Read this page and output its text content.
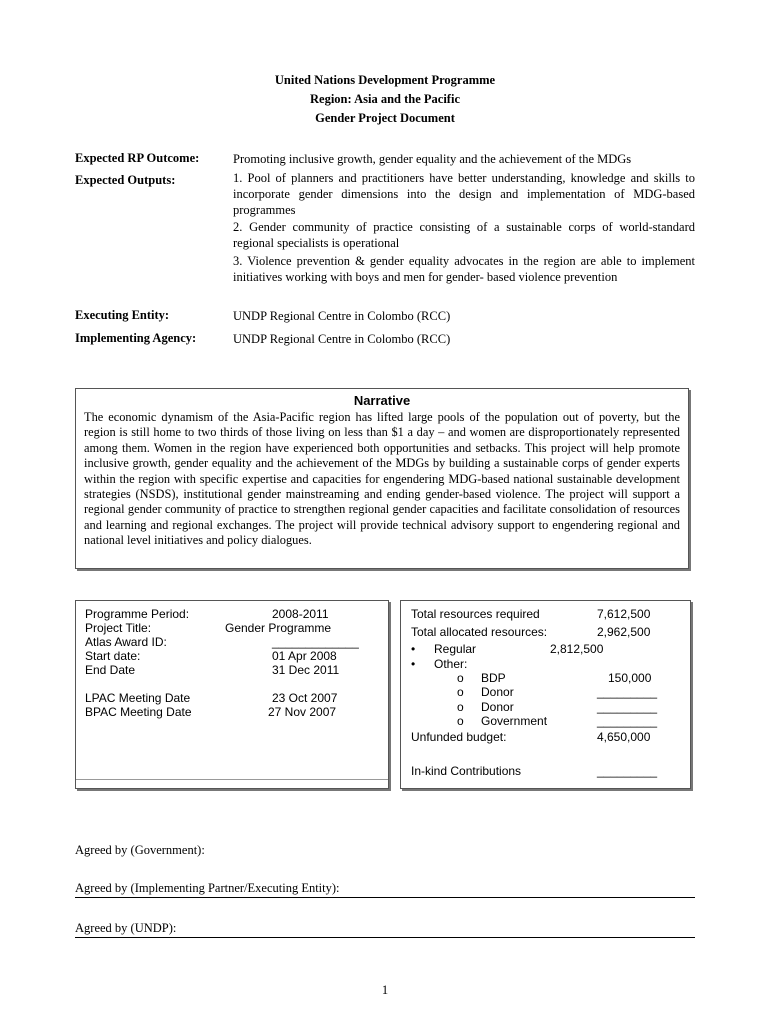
United Nations Development Programme
Region: Asia and the Pacific
Gender Project Document
Expected RP Outcome:	Promoting inclusive growth, gender equality and the achievement of the MDGs
Expected Outputs:	1. Pool of planners and practitioners have better understanding, knowledge and skills to incorporate gender dimensions into the design and implementation of MDG-based programmes
2. Gender community of practice consisting of a sustainable corps of world-standard regional specialists is operational
3. Violence prevention & gender equality advocates in the region are able to implement initiatives working with boys and men for gender- based violence prevention
Executing Entity:	UNDP Regional Centre in Colombo (RCC)
Implementing Agency:	UNDP Regional Centre in Colombo (RCC)
Narrative

The economic dynamism of the Asia-Pacific region has lifted large pools of the population out of poverty, but the region is still home to two thirds of those living on less than $1 a day – and women are disproportionately represented among them. Women in the region have experienced both opportunities and setbacks. This project will help promote inclusive growth, gender equality and the achievement of the MDGs by building a sustainable corps of gender experts within the region with specific expertise and capacities for engendering MDG-based national sustainable development strategies (NSDS), institutional gender mainstreaming and ending gender-based violence. The project will support a regional gender community of practice to strengthen regional gender capacities and facilitate consolidation of resources and learning and regional exchanges. The project will provide technical advisory support to engendering regional and national level initiatives and policy dialogues.

Programme Period:	2008-2011
Project Title:	Gender Programme
Atlas Award ID:	_____________
Start date:	01 Apr 2008
End Date	31 Dec 2011
LPAC Meeting Date	23 Oct 2007
BPAC Meeting Date	27 Nov 2007
Total resources required	7,612,500
Total allocated resources:	2,962,500
• Regular	2,812,500
• Other:
o BDP	150,000
o Donor	_________
o Donor	_________
o Government	_________
Unfunded budget:	4,650,000
In-kind Contributions	_________
Agreed by (Government):
Agreed by (Implementing Partner/Executing Entity):
Agreed by (UNDP):
1
